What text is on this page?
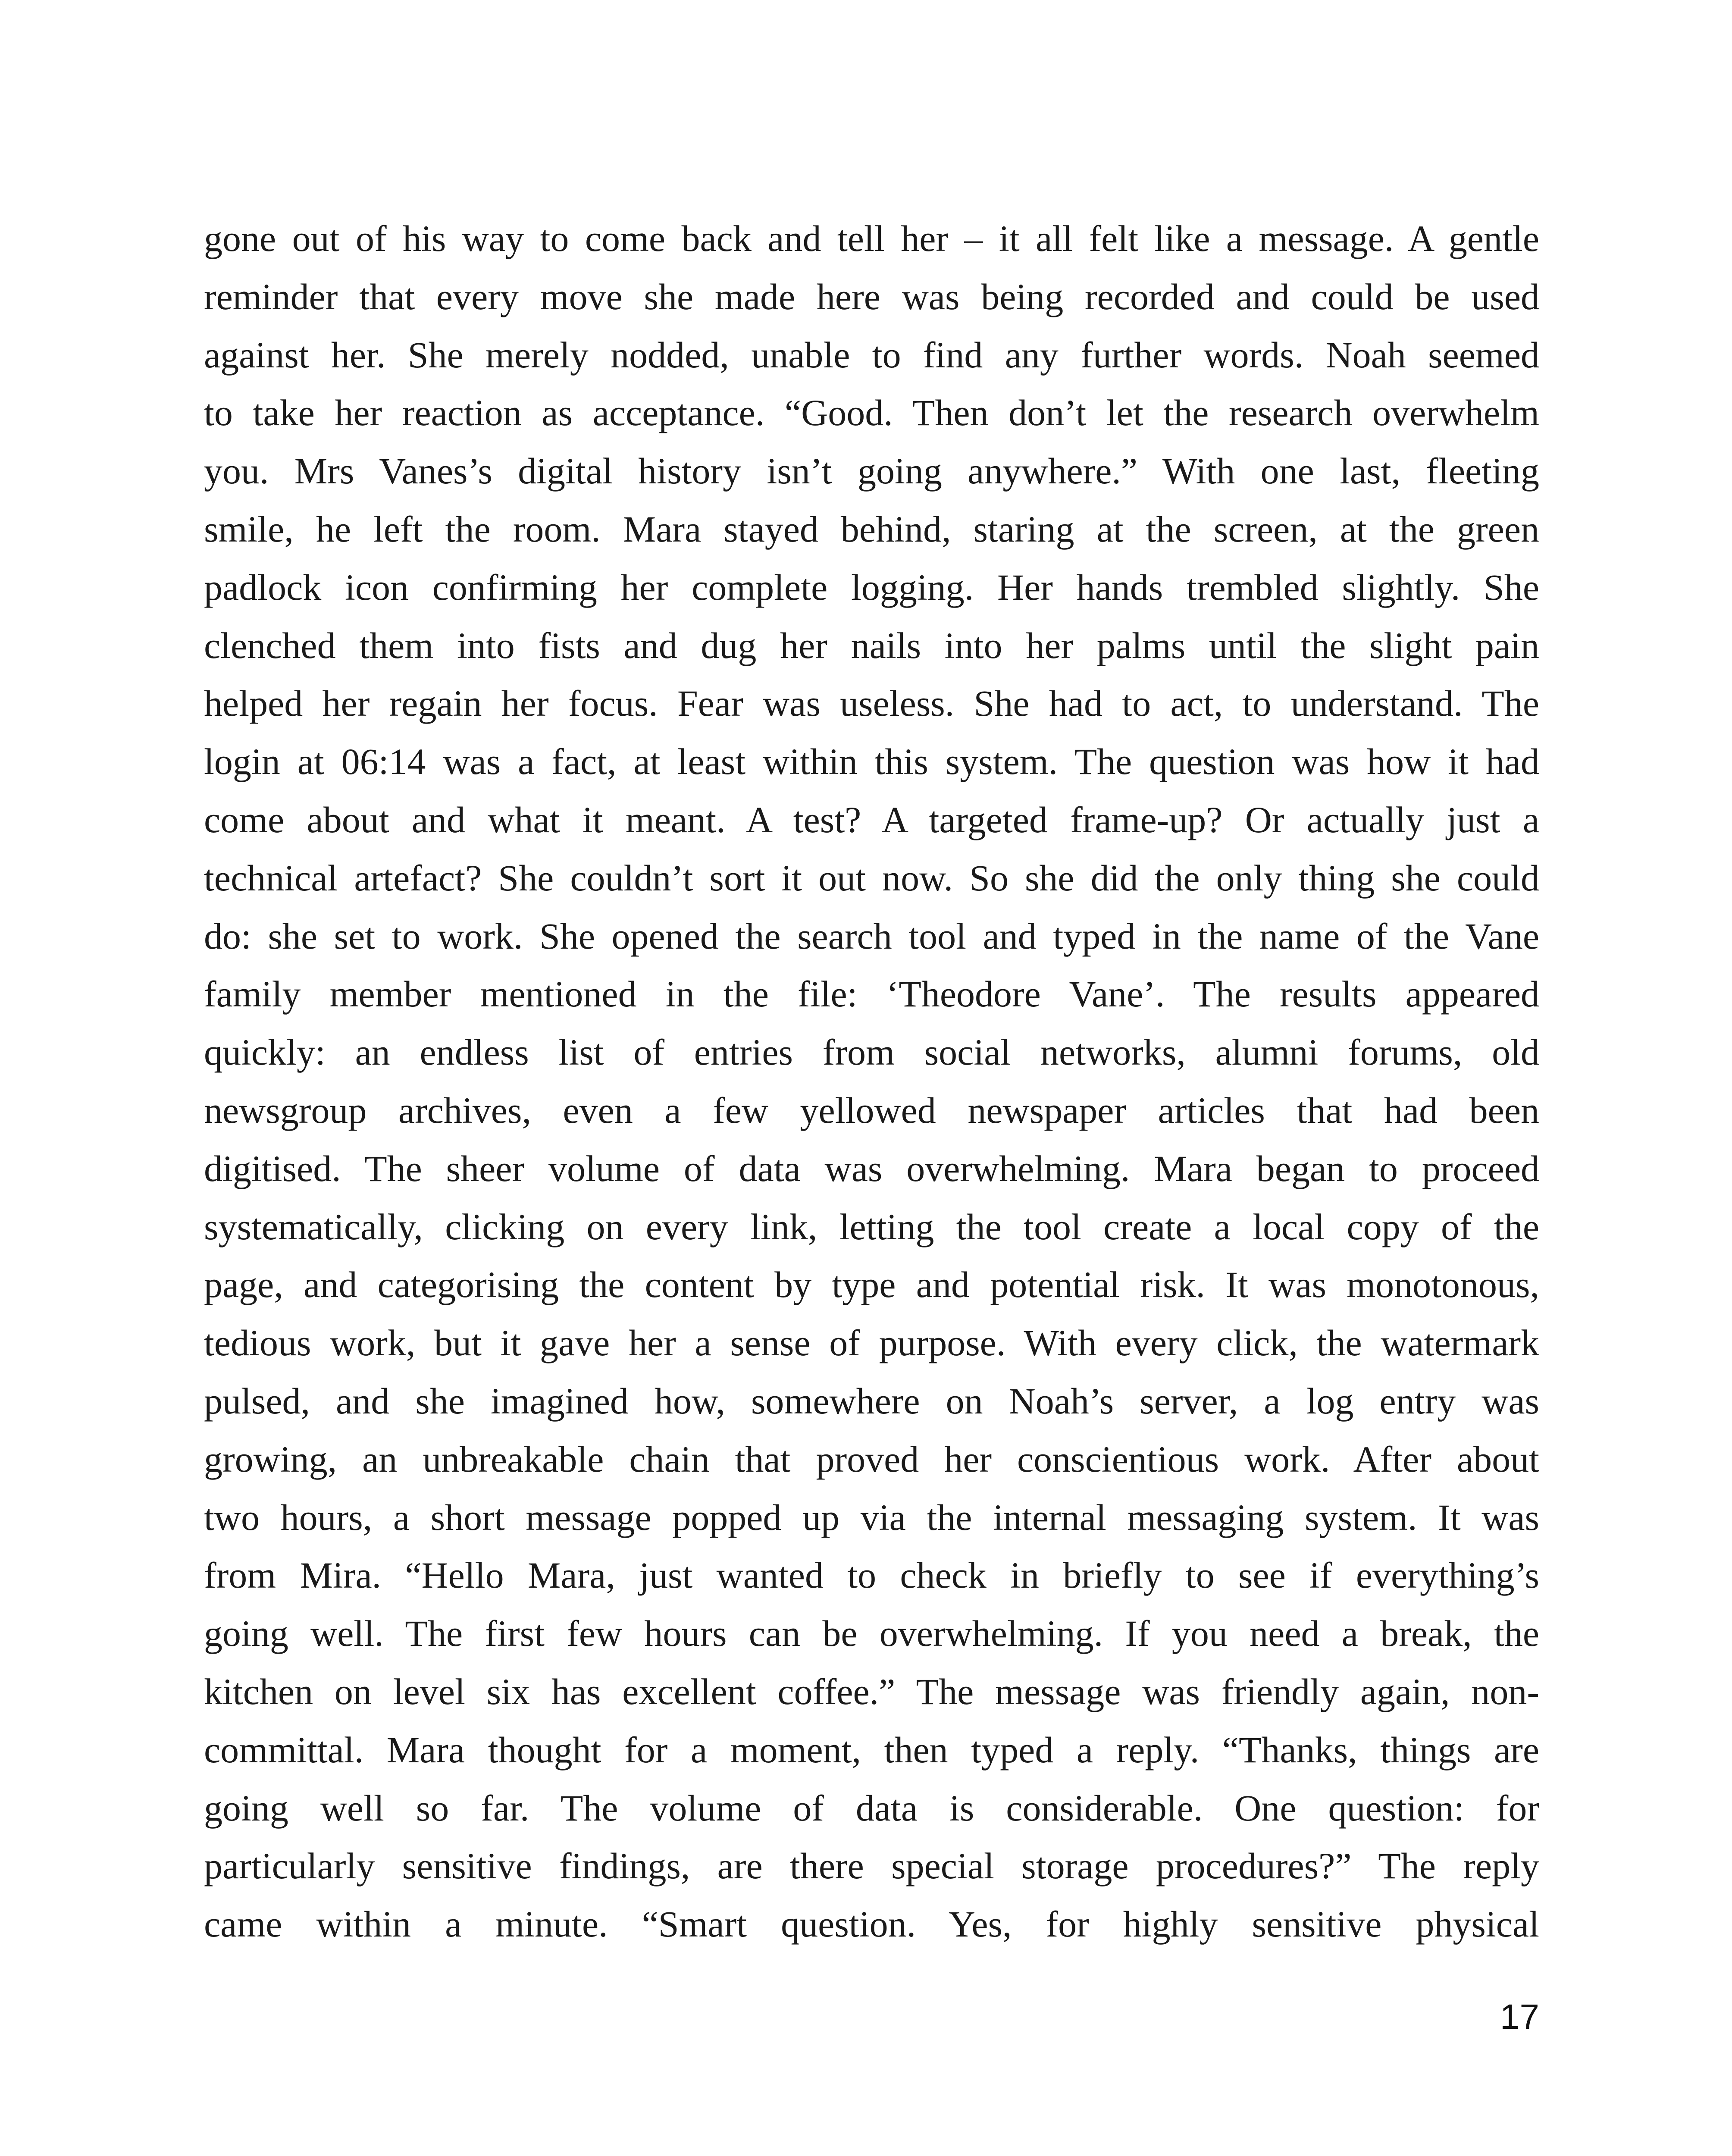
gone out of his way to come back and tell her – it all felt like a message. A gentle
reminder that every move she made here was being recorded and could be used
against her. She merely nodded, unable to find any further words. Noah seemed
to take her reaction as acceptance. “Good. Then don’t let the research overwhelm
you. Mrs Vanes’s digital history isn’t going anywhere.” With one last, fleeting
smile, he left the room. Mara stayed behind, staring at the screen, at the green
padlock icon confirming her complete logging. Her hands trembled slightly. She
clenched them into fists and dug her nails into her palms until the slight pain
helped her regain her focus. Fear was useless. She had to act, to understand. The
login at 06:14 was a fact, at least within this system. The question was how it had
come about and what it meant. A test? A targeted frame-up? Or actually just a
technical artefact? She couldn’t sort it out now. So she did the only thing she could
do: she set to work. She opened the search tool and typed in the name of the Vane
family member mentioned in the file: ‘Theodore Vane’. The results appeared
quickly: an endless list of entries from social networks, alumni forums, old
newsgroup archives, even a few yellowed newspaper articles that had been
digitised. The sheer volume of data was overwhelming. Mara began to proceed
systematically, clicking on every link, letting the tool create a local copy of the
page, and categorising the content by type and potential risk. It was monotonous,
tedious work, but it gave her a sense of purpose. With every click, the watermark
pulsed, and she imagined how, somewhere on Noah’s server, a log entry was
growing, an unbreakable chain that proved her conscientious work. After about
two hours, a short message popped up via the internal messaging system. It was
from Mira. “Hello Mara, just wanted to check in briefly to see if everything’s
going well. The first few hours can be overwhelming. If you need a break, the
kitchen on level six has excellent coffee.” The message was friendly again, non-
committal. Mara thought for a moment, then typed a reply. “Thanks, things are
going well so far. The volume of data is considerable. One question: for
particularly sensitive findings, are there special storage procedures?” The reply
came within a minute. “Smart question. Yes, for highly sensitive physical
17
